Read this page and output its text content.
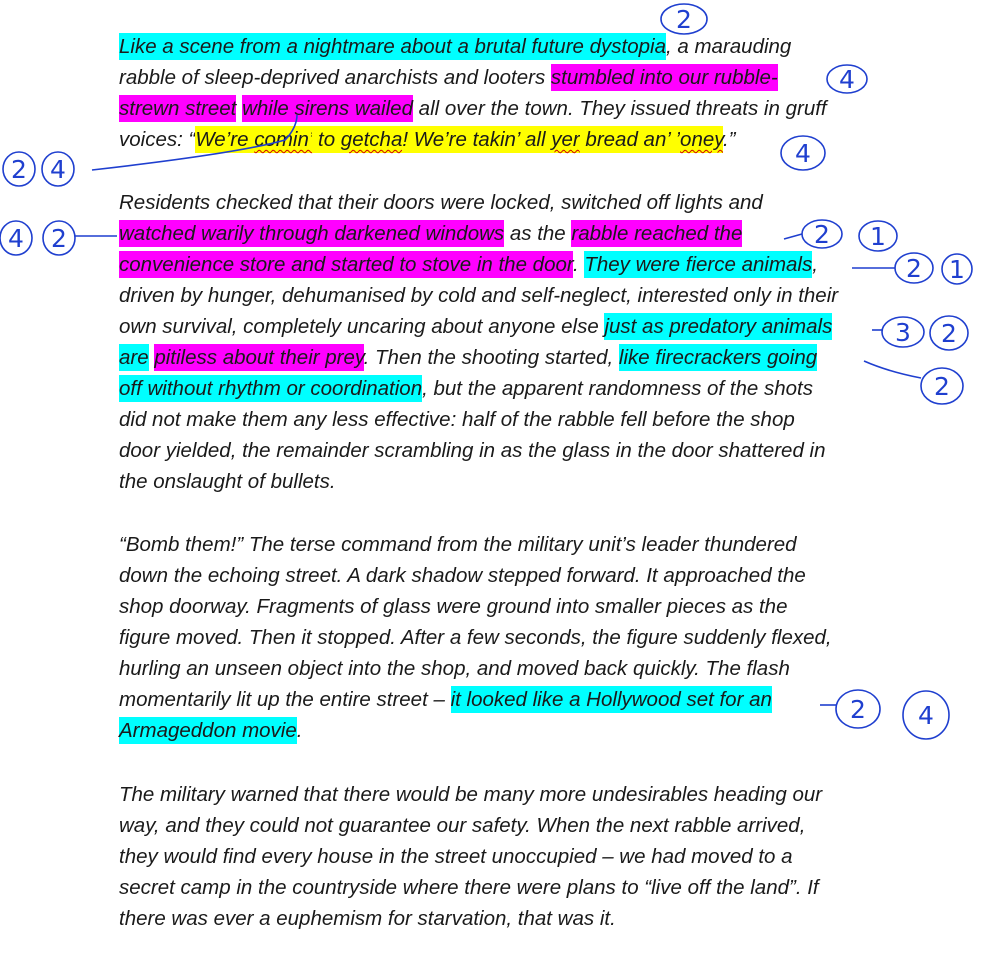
Like a scene from a nightmare about a brutal future dystopia, a marauding
rabble of sleep-deprived anarchists and looters stumbled into our rubble-
strewn street while sirens wailed all over the town. They issued threats in gruff
voices: “We’re comin’ to getcha! We’re takin’ all yer bread an’ ’oney.”
Residents checked that their doors were locked, switched off lights and
watched warily through darkened windows as the rabble reached the
convenience store and started to stove in the door. They were fierce animals,
driven by hunger, dehumanised by cold and self-neglect, interested only in their
own survival, completely uncaring about anyone else just as predatory animals
are pitiless about their prey. Then the shooting started, like firecrackers going
off without rhythm or coordination, but the apparent randomness of the shots
did not make them any less effective: half of the rabble fell before the shop
door yielded, the remainder scrambling in as the glass in the door shattered in
the onslaught of bullets.
“Bomb them!” The terse command from the military unit’s leader thundered
down the echoing street. A dark shadow stepped forward. It approached the
shop doorway. Fragments of glass were ground into smaller pieces as the
figure moved. Then it stopped. After a few seconds, the figure suddenly flexed,
hurling an unseen object into the shop, and moved back quickly. The flash
momentarily lit up the entire street – it looked like a Hollywood set for an
Armageddon movie.
The military warned that there would be many more undesirables heading our
way, and they could not guarantee our safety. When the next rabble arrived,
they would find every house in the street unoccupied – we had moved to a
secret camp in the countryside where there were plans to “live off the land”. If
there was ever a euphemism for starvation, that was it.
2
4
4
2 4
4 2	2 1
2 1
3 2
2
2 4
